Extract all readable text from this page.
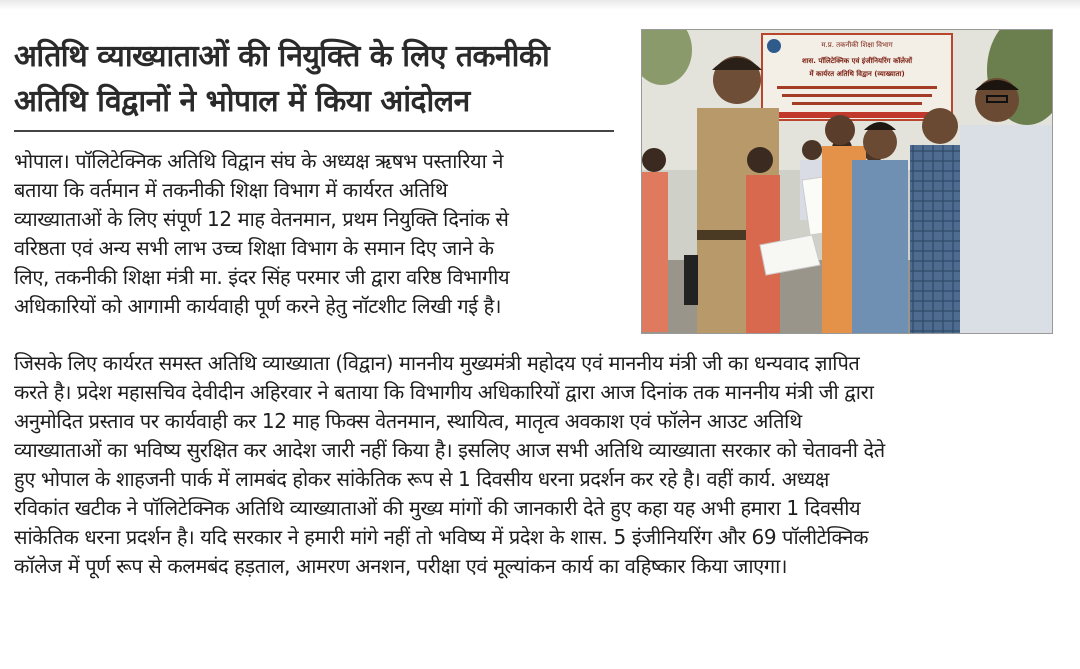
अतिथि व्याख्याताओं की नियुक्ति के लिए तकनीकी
अतिथि विद्वानों ने भोपाल में किया आंदोलन
म.प्र. तकनीकी शिक्षा विभाग
शास. पॉलिटेक्निक एवं इंजीनियरिंग कॉलेजों
में कार्यरत अतिथि विद्वान (व्याख्याता)
भोपाल। पॉलिटेक्निक अतिथि विद्वान संघ के अध्यक्ष ऋषभ पस्तारिया ने
बताया कि वर्तमान में तकनीकी शिक्षा विभाग में कार्यरत अतिथि
व्याख्याताओं के लिए संपूर्ण 12 माह वेतनमान, प्रथम नियुक्ति दिनांक से
वरिष्ठता एवं अन्य सभी लाभ उच्च शिक्षा विभाग के समान दिए जाने के
लिए, तकनीकी शिक्षा मंत्री मा. इंदर सिंह परमार जी द्वारा वरिष्ठ विभागीय
अधिकारियों को आगामी कार्यवाही पूर्ण करने हेतु नॉटशीट लिखी गई है।
जिसके लिए कार्यरत समस्त अतिथि व्याख्याता (विद्वान) माननीय मुख्यमंत्री महोदय एवं माननीय मंत्री जी का धन्यवाद ज्ञापित
करते है। प्रदेश महासचिव देवीदीन अहिरवार ने बताया कि विभागीय अधिकारियों द्वारा आज दिनांक तक माननीय मंत्री जी द्वारा
अनुमोदित प्रस्ताव पर कार्यवाही कर 12 माह फिक्स वेतनमान, स्थायित्व, मातृत्व अवकाश एवं फॉलेन आउट अतिथि
व्याख्याताओं का भविष्य सुरक्षित कर आदेश जारी नहीं किया है। इसलिए आज सभी अतिथि व्याख्याता सरकार को चेतावनी देते
हुए भोपाल के शाहजनी पार्क में लामबंद होकर सांकेतिक रूप से 1 दिवसीय धरना प्रदर्शन कर रहे है। वहीं कार्य. अध्यक्ष
रविकांत खटीक ने पॉलिटेक्निक अतिथि व्याख्याताओं की मुख्य मांगों की जानकारी देते हुए कहा यह अभी हमारा 1 दिवसीय
सांकेतिक धरना प्रदर्शन है। यदि सरकार ने हमारी मांगे नहीं तो भविष्य में प्रदेश के शास. 5 इंजीनियरिंग और 69 पॉलीटेक्निक
कॉलेज में पूर्ण रूप से कलमबंद हड़ताल, आमरण अनशन, परीक्षा एवं मूल्यांकन कार्य का वहिष्कार किया जाएगा।
